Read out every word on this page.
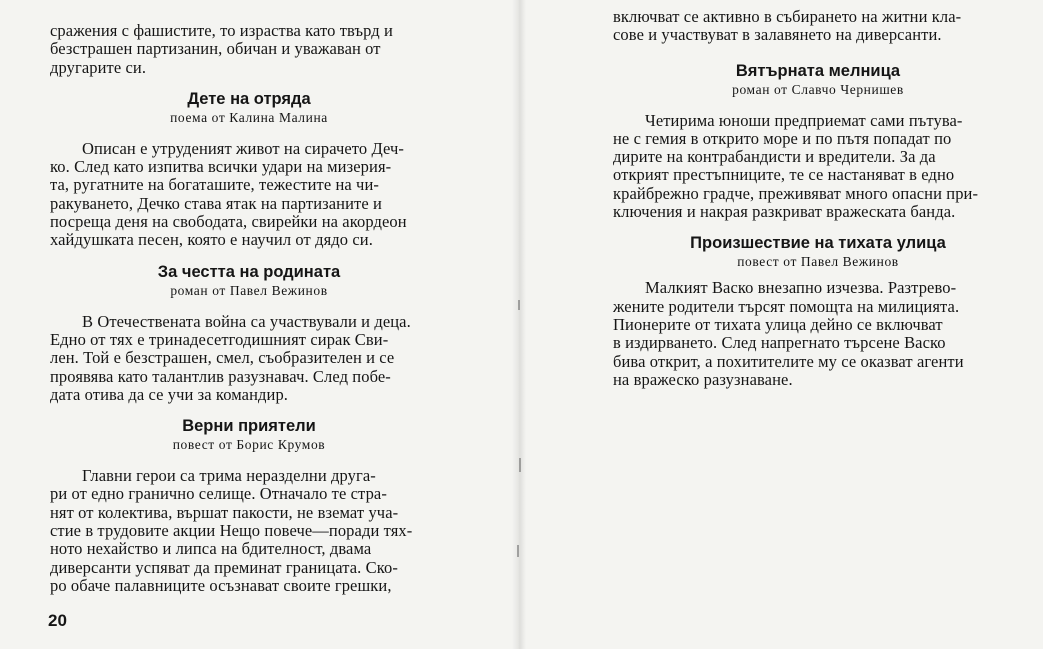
сражения с фашистите, то израства като твърд и
безстрашен партизанин, обичан и уважаван от
другарите си.

Дете на отряда
поема от Калина Малина

Описан е утруденият живот на сирачето Деч-
ко. След като изпитва всички удари на мизерия-
та, ругатните на богаташите, тежестите на чи-
ракуването, Дечко става ятак на партизаните и
посреща деня на свободата, свирейки на акордеон
хайдушката песен, която е научил от дядо си.

За честта на родината
роман от Павел Вежинов

В Отечествената война са участвували и деца.
Едно от тях е тринадесетгодишният сирак Сви-
лен. Той е безстрашен, смел, съобразителен и се
проявява като талантлив разузнавач. След побе-
дата отива да се учи за командир.

Верни приятели
повест от Борис Крумов

Главни герои са трима неразделни друга-
ри от едно гранично селище. Отначало те стра-
нят от колектива, вършат пакости, не вземат уча-
стие в трудовите акции Нещо повече—поради тях-
ното нехайство и липса на бдителност, двама
диверсанти успяват да преминат границата. Ско-
ро обаче палавниците осъзнават своите грешки,

20

включват се активно в събирането на житни кла-
сове и участвуват в залавянето на диверсанти.

Вятърната мелница
роман от Славчо Чернишев

Четирима юноши предприемат сами пътува-
не с гемия в открито море и по пътя попадат по
дирите на контрабандисти и вредители. За да
открият престъпниците, те се настаняват в едно
крайбрежно градче, преживяват много опасни при-
ключения и накрая разкриват вражеската банда.

Произшествие на тихата улица
повест от Павел Вежинов

Малкият Васко внезапно изчезва. Разтрево-
жените родители търсят помощта на милицията.
Пионерите от тихата улица дейно се включват
в издирването. След напрегнато търсене Васко
бива открит, а похитителите му се оказват агенти
на вражеско разузнаване.
